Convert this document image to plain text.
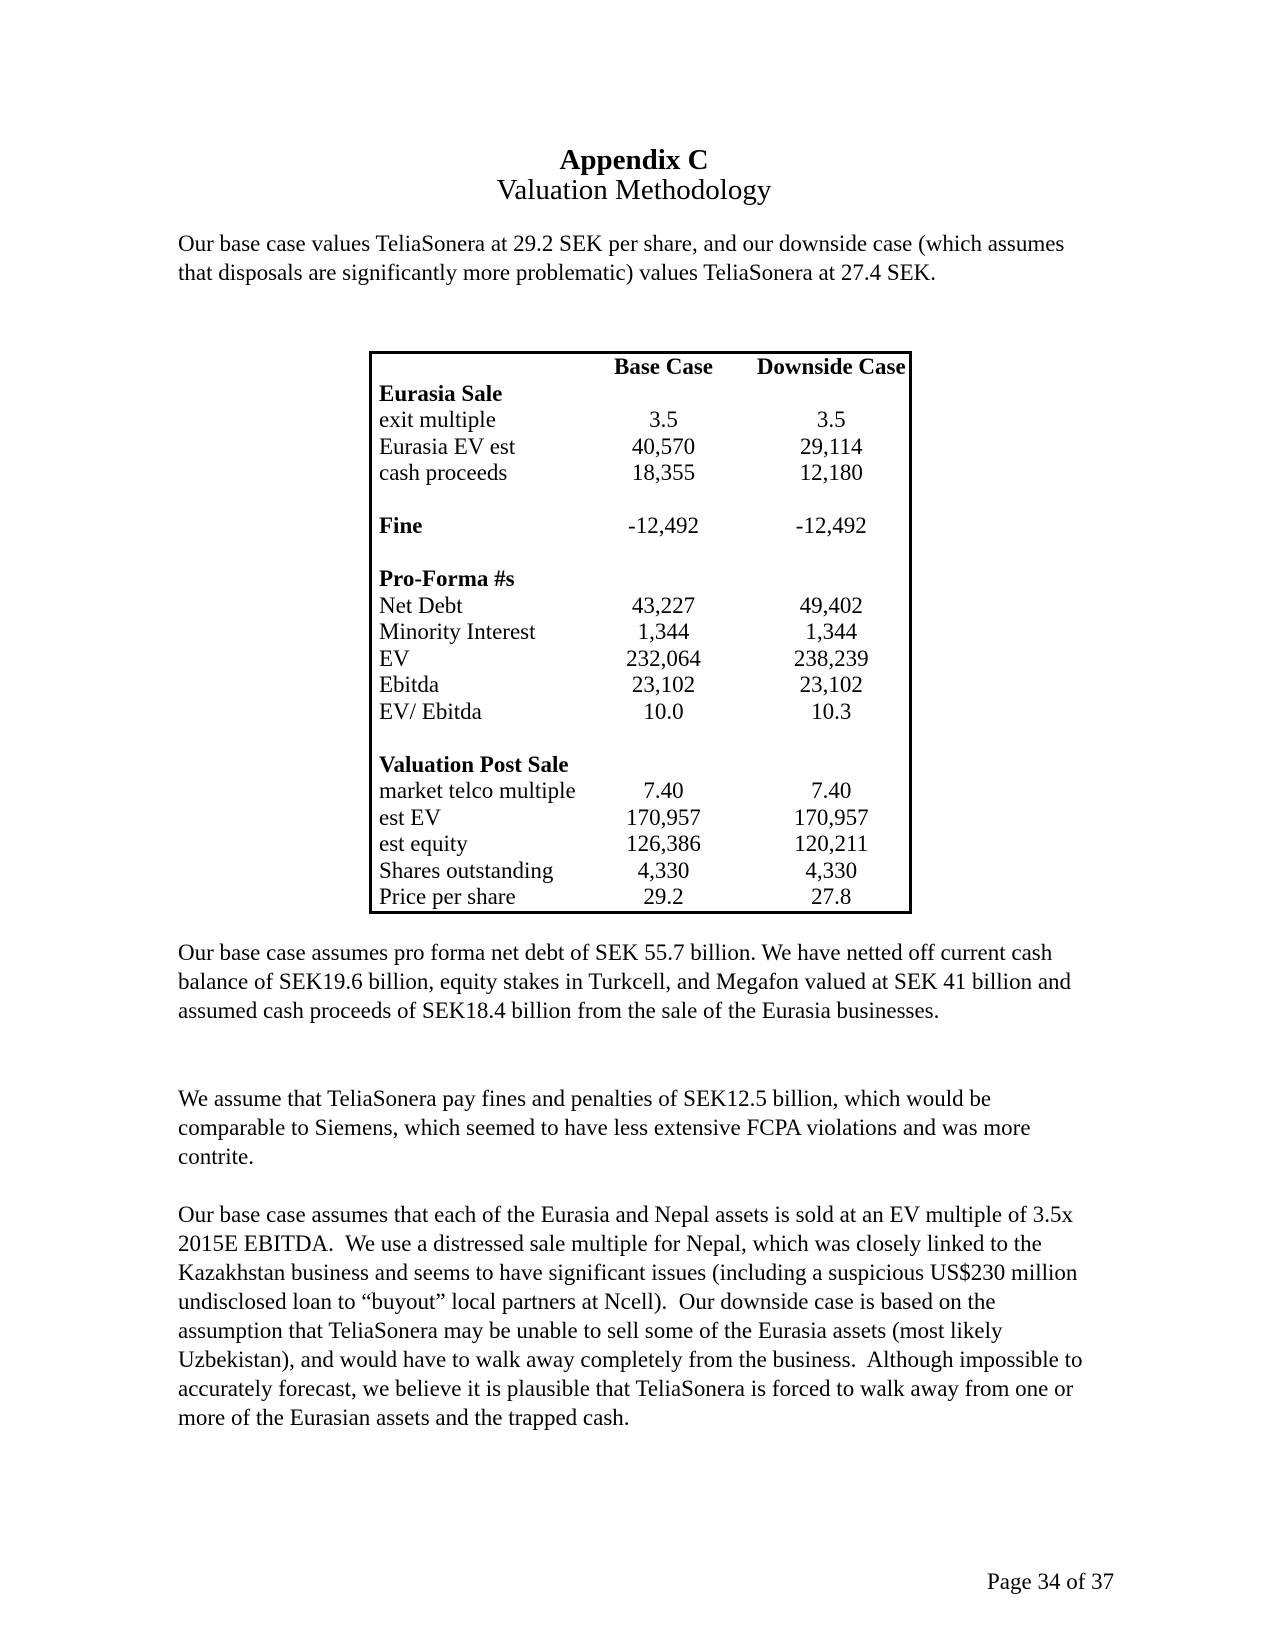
Appendix C
Valuation Methodology

Our base case values TeliaSonera at 29.2 SEK per share, and our downside case (which assumes that disposals are significantly more problematic) values TeliaSonera at 27.4 SEK.

	Base Case	Downside Case
Eurasia Sale		
exit multiple	3.5	3.5
Eurasia EV est	40,570	29,114
cash proceeds	18,355	12,180

Fine	-12,492	-12,492

Pro-Forma #s		
Net Debt	43,227	49,402
Minority Interest	1,344	1,344
EV	232,064	238,239
Ebitda	23,102	23,102
EV/ Ebitda	10.0	10.3

Valuation Post Sale		
market telco multiple	7.40	7.40
est EV	170,957	170,957
est equity	126,386	120,211
Shares outstanding	4,330	4,330
Price per share	29.2	27.8

Our base case assumes pro forma net debt of SEK 55.7 billion. We have netted off current cash balance of SEK19.6 billion, equity stakes in Turkcell, and Megafon valued at SEK 41 billion and assumed cash proceeds of SEK18.4 billion from the sale of the Eurasia businesses.

We assume that TeliaSonera pay fines and penalties of SEK12.5 billion, which would be comparable to Siemens, which seemed to have less extensive FCPA violations and was more contrite.

Our base case assumes that each of the Eurasia and Nepal assets is sold at an EV multiple of 3.5x 2015E EBITDA.  We use a distressed sale multiple for Nepal, which was closely linked to the Kazakhstan business and seems to have significant issues (including a suspicious US$230 million undisclosed loan to “buyout” local partners at Ncell).  Our downside case is based on the assumption that TeliaSonera may be unable to sell some of the Eurasia assets (most likely Uzbekistan), and would have to walk away completely from the business.  Although impossible to accurately forecast, we believe it is plausible that TeliaSonera is forced to walk away from one or more of the Eurasian assets and the trapped cash.

Page 34 of 37
